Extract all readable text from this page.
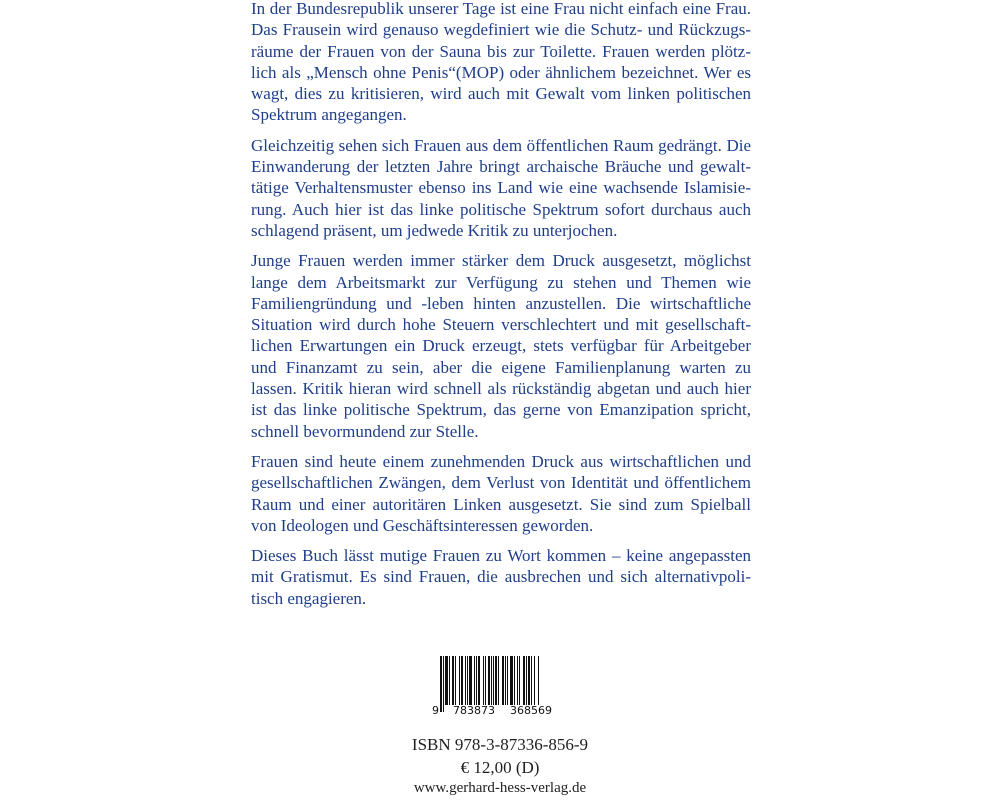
In der Bundesrepublik unserer Tage ist eine Frau nicht einfach eine Frau. Das Frausein wird genauso wegdefiniert wie die Schutz- und Rückzugsräume der Frauen von der Sauna bis zur Toilette. Frauen werden plötzlich als „Mensch ohne Penis“(MOP) oder ähnlichem bezeichnet. Wer es wagt, dies zu kritisieren, wird auch mit Gewalt vom linken politischen Spektrum angegangen.

Gleichzeitig sehen sich Frauen aus dem öffentlichen Raum gedrängt. Die Einwanderung der letzten Jahre bringt archaische Bräuche und gewalttätige Verhaltensmuster ebenso ins Land wie eine wachsende Islamisierung. Auch hier ist das linke politische Spektrum sofort durchaus auch schlagend präsent, um jedwede Kritik zu unterjochen.

Junge Frauen werden immer stärker dem Druck ausgesetzt, möglichst lange dem Arbeitsmarkt zur Verfügung zu stehen und Themen wie Familiengründung und -leben hinten anzustellen. Die wirtschaftliche Situation wird durch hohe Steuern verschlechtert und mit gesellschaftlichen Erwartungen ein Druck erzeugt, stets verfügbar für Arbeitgeber und Finanzamt zu sein, aber die eigene Familienplanung warten zu lassen. Kritik hieran wird schnell als rückständig abgetan und auch hier ist das linke politische Spektrum, das gerne von Emanzipation spricht, schnell bevormundend zur Stelle.

Frauen sind heute einem zunehmenden Druck aus wirtschaftlichen und gesellschaftlichen Zwängen, dem Verlust von Identität und öffentlichem Raum und einer autoritären Linken ausgesetzt. Sie sind zum Spielball von Ideologen und Geschäftsinteressen geworden.

Dieses Buch lässt mutige Frauen zu Wort kommen – keine angepassten mit Gratismut. Es sind Frauen, die ausbrechen und sich alternativpolitisch engagieren.

9	783873	368569
ISBN 978-3-87336-856-9
€ 12,00 (D)
www.gerhard-hess-verlag.de
